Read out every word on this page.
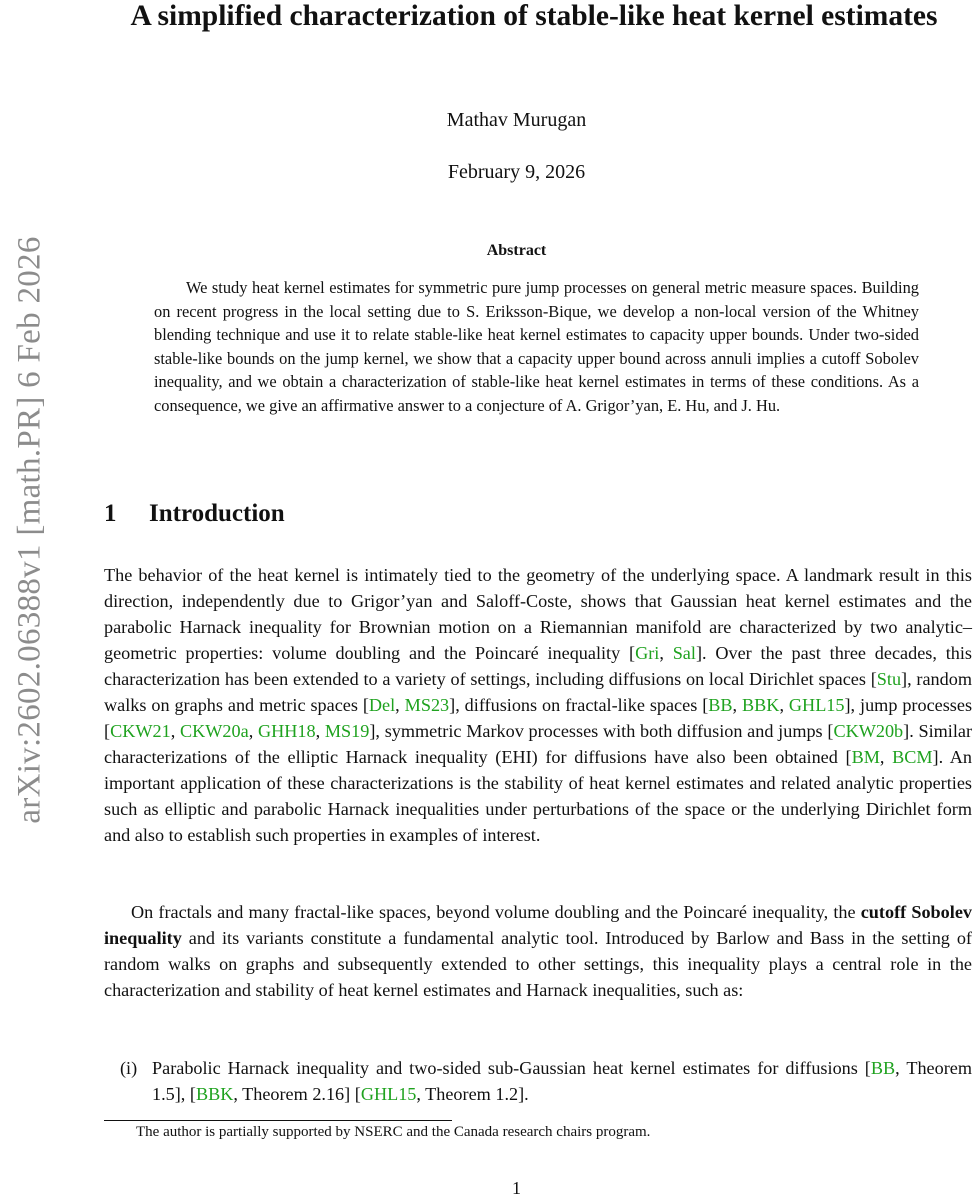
arXiv:2602.06388v1 [math.PR] 6 Feb 2026
A simplified characterization of stable-like heat kernel estimates
Mathav Murugan
February 9, 2026
Abstract

We study heat kernel estimates for symmetric pure jump processes on general metric measure spaces. Building on recent progress in the local setting due to S. Eriksson-Bique, we develop a non-local version of the Whitney blending technique and use it to relate stable-like heat kernel estimates to capacity upper bounds. Under two-sided stable-like bounds on the jump kernel, we show that a capacity upper bound across annuli implies a cutoff Sobolev inequality, and we obtain a characterization of stable-like heat kernel estimates in terms of these conditions. As a consequence, we give an affirmative answer to a conjecture of A. Grigor’yan, E. Hu, and J. Hu.

1 Introduction

The behavior of the heat kernel is intimately tied to the geometry of the underlying space. A landmark result in this direction, independently due to Grigor’yan and Saloff-Coste, shows that Gaussian heat kernel estimates and the parabolic Harnack inequality for Brownian motion on a Riemannian manifold are characterized by two analytic–geometric properties: volume doubling and the Poincaré inequality [Gri, Sal]. Over the past three decades, this characterization has been extended to a variety of settings, including diffusions on local Dirichlet spaces [Stu], random walks on graphs and metric spaces [Del, MS23], diffusions on fractal-like spaces [BB, BBK, GHL15], jump processes [CKW21, CKW20a, GHH18, MS19], symmetric Markov processes with both diffusion and jumps [CKW20b]. Similar characterizations of the elliptic Harnack inequality (EHI) for diffusions have also been obtained [BM, BCM]. An important application of these characterizations is the stability of heat kernel estimates and related analytic properties such as elliptic and parabolic Harnack inequalities under perturbations of the space or the underlying Dirichlet form and also to establish such properties in examples of interest.

On fractals and many fractal-like spaces, beyond volume doubling and the Poincaré inequality, the cutoff Sobolev inequality and its variants constitute a fundamental analytic tool. Introduced by Barlow and Bass in the setting of random walks on graphs and subsequently extended to other settings, this inequality plays a central role in the characterization and stability of heat kernel estimates and Harnack inequalities, such as:

(i) Parabolic Harnack inequality and two-sided sub-Gaussian heat kernel estimates for diffusions [BB, Theorem 1.5], [BBK, Theorem 2.16] [GHL15, Theorem 1.2].

The author is partially supported by NSERC and the Canada research chairs program.
1
